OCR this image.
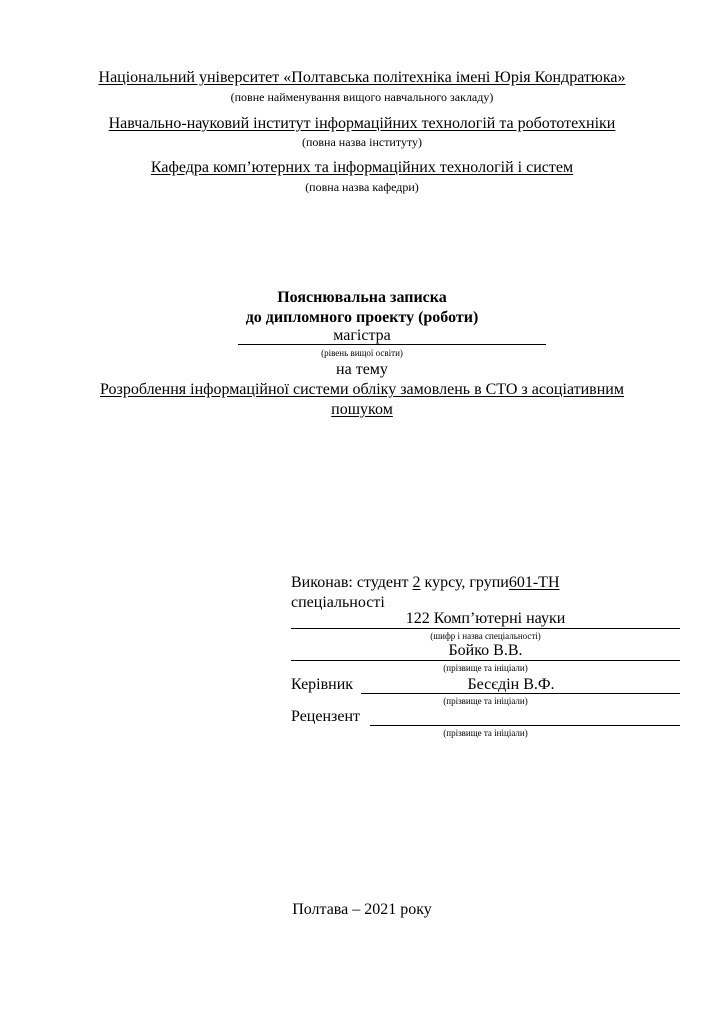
Національний університет «Полтавська політехніка імені Юрія Кондратюка»
(повне найменування вищого навчального закладу)
Навчально-науковий інститут інформаційних технологій та робототехніки
(повна назва інституту)
Кафедра комп’ютерних та інформаційних технологій і систем
(повна назва кафедри)
Пояснювальна записка
до дипломного проекту (роботи)
магістра
(рівень вищої освіти)
на тему
Розроблення інформаційної системи обліку замовлень в СТО з асоціативним
пошуком
Виконав: студент 2 курсу, групи601-ТН
спеціальності
122 Комп’ютерні науки
(шифр і назва спеціальності)
Бойко В.В.
(прізвище та ініціали)
Керівник	Бесєдін В.Ф.
(прізвище та ініціали)
Рецензент
(прізвище та ініціали)
Полтава – 2021 року
